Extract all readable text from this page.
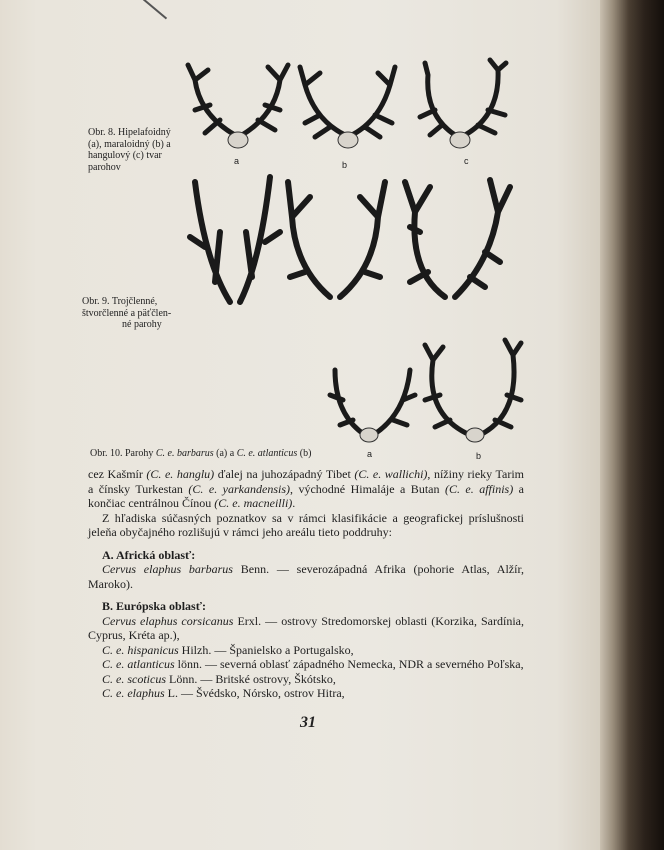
a	b	c
Obr. 8. Hipelafoidný (a), maraloidný (b) a hangulový (c) tvar parohov
Obr. 9. Trojčlenné,
štvorčlenné a päťčlen-
né parohy
a	b
Obr. 10. Parohy C. e. barbarus (a) a C. e. atlanticus (b)

cez Kašmír (C. e. hanglu) ďalej na juhozápadný Tibet (C. e. wallichi), nížiny rieky Tarim a čínsky Turkestan (C. e. yarkandensis), východné Himaláje a Butan (C. e. affinis) a končiac centrálnou Čínou (C. e. macneilli).

Z hľadiska súčasných poznatkov sa v rámci klasifikácie a geografickej príslušnosti jeleňa obyčajného rozlišujú v rámci jeho areálu tieto poddruhy:

A. Africká oblasť:

Cervus elaphus barbarus Benn. — severozápadná Afrika (pohorie Atlas, Alžír, Maroko).

B. Európska oblasť:

Cervus elaphus corsicanus Erxl. — ostrovy Stredomorskej oblasti (Korzika, Sardínia, Cyprus, Kréta ap.),

C. e. hispanicus Hilzh. — Španielsko a Portugalsko,

C. e. atlanticus lönn. — severná oblasť západného Nemecka, NDR a severného Poľska,

C. e. scoticus Lönn. — Britské ostrovy, Škótsko,

C. e. elaphus L. — Švédsko, Nórsko, ostrov Hitra,

31
